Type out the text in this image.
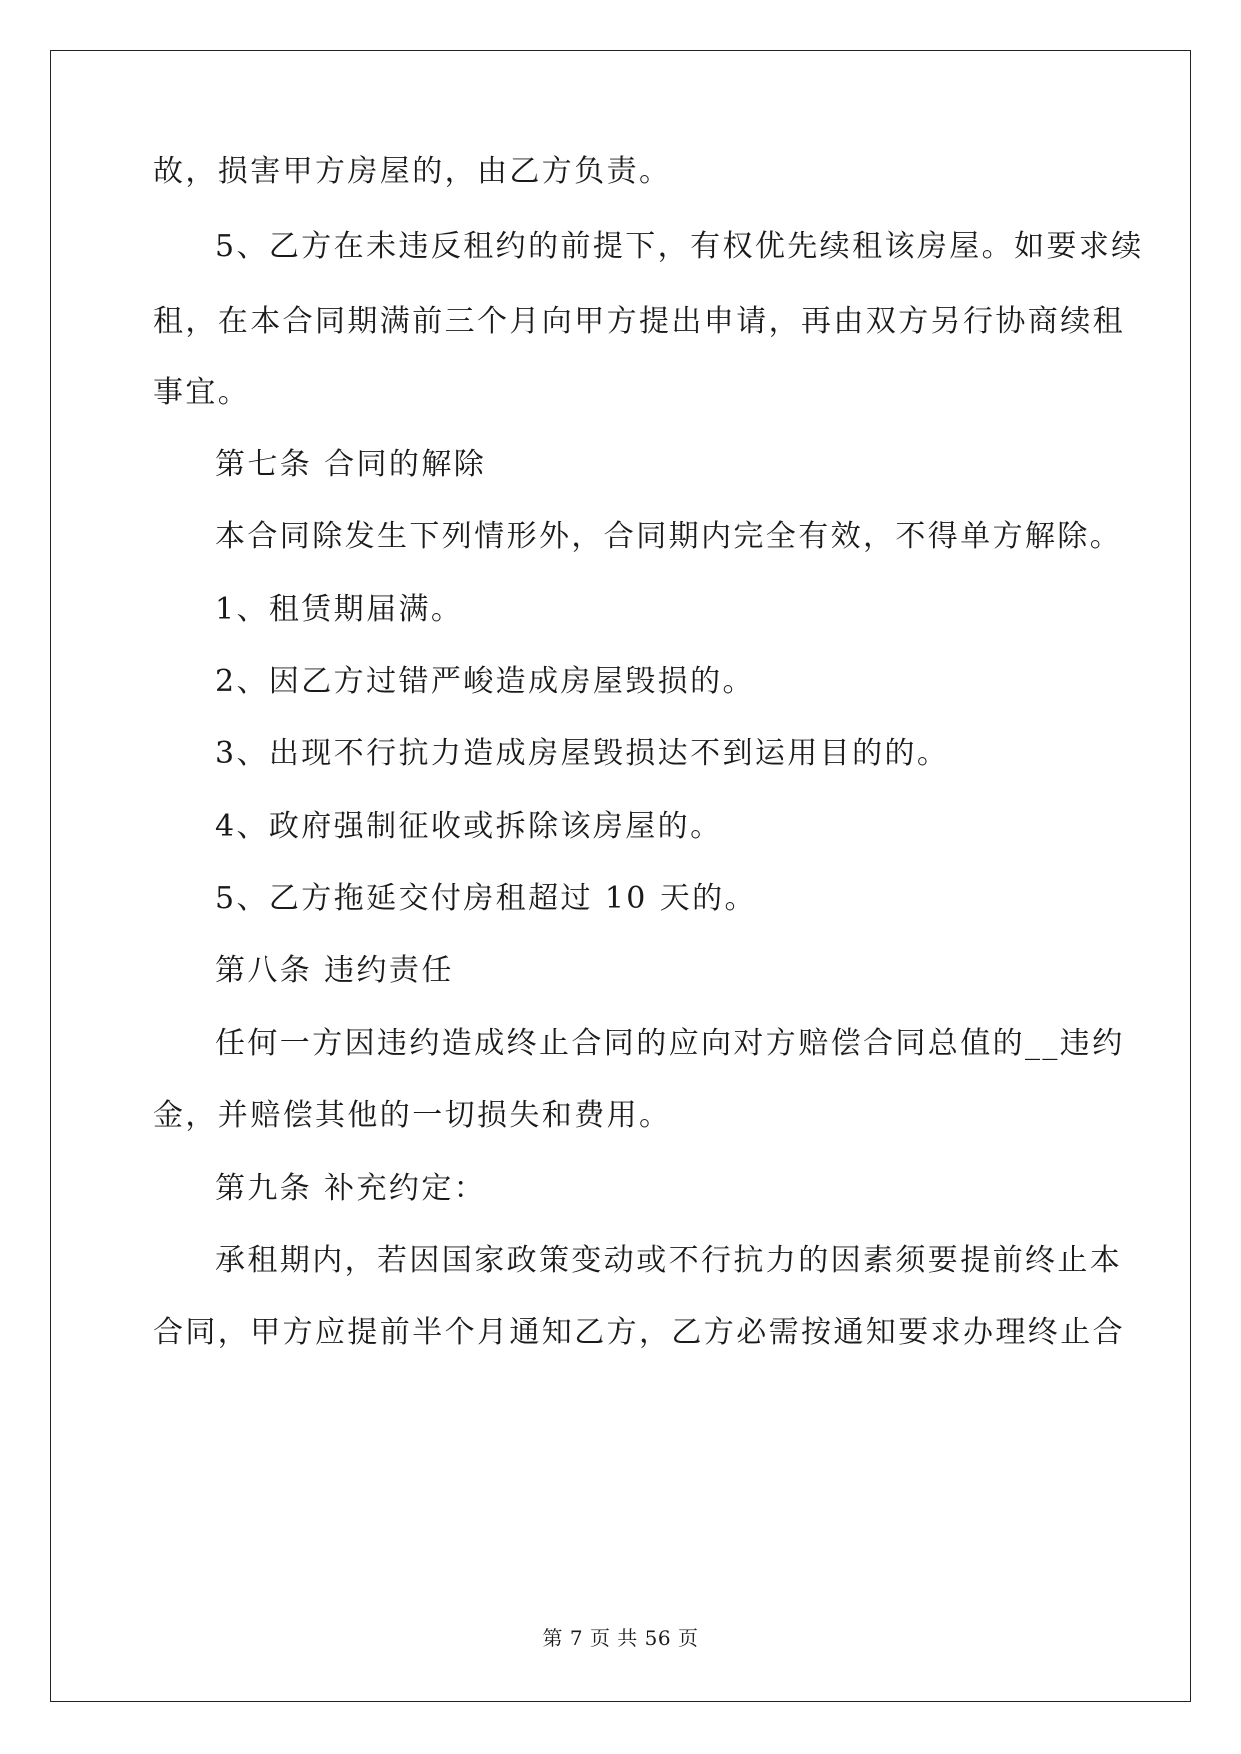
故，损害甲方房屋的，由乙方负责。
5、乙方在未违反租约的前提下，有权优先续租该房屋。如要求续
租，在本合同期满前三个月向甲方提出申请，再由双方另行协商续租
事宜。
第七条 合同的解除
本合同除发生下列情形外，合同期内完全有效，不得单方解除。
1、租赁期届满。
2、因乙方过错严峻造成房屋毁损的。
3、出现不行抗力造成房屋毁损达不到运用目的的。
4、政府强制征收或拆除该房屋的。
5、乙方拖延交付房租超过 10 天的。
第八条 违约责任
任何一方因违约造成终止合同的应向对方赔偿合同总值的__违约
金，并赔偿其他的一切损失和费用。
第九条 补充约定：
承租期内，若因国家政策变动或不行抗力的因素须要提前终止本
合同，甲方应提前半个月通知乙方，乙方必需按通知要求办理终止合
第 7 页 共 56 页
